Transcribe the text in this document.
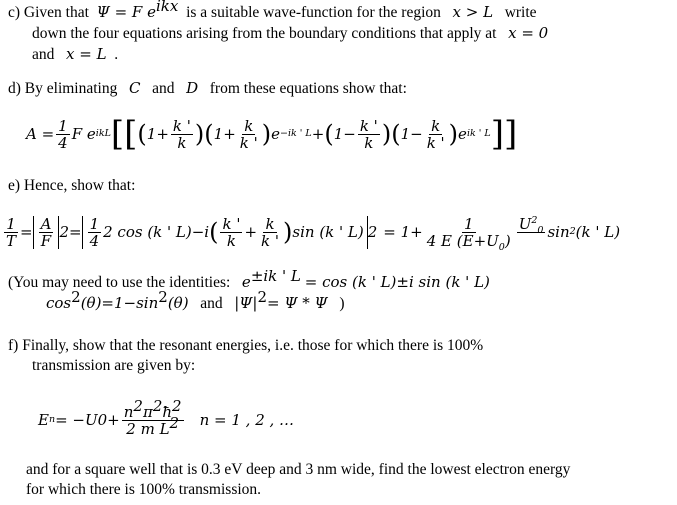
c) Given that Ψ = F $e^{ikx}$ is a suitable wave-function for the region x > L write
down the four equations arising from the boundary conditions that apply at x = 0
and x = L .
d) By eliminating C and D from these equations show that:
$A = \frac{1}{4}$ F e ikL [[ ( $1+ \frac{k '}{k}$ ) ( $1+ \frac{k}{k '}$ ) e −ik ' L + ( $1- \frac{k '}{k}$ ) ( $1- \frac{k}{k '}$ ) e ik ' L ]]
e) Hence, show that:
$\frac{1}{T} = \frac{A}{F} 2 = \frac{1}{4} 2$ cos (k ' L)−i ( $\frac{k '}{k} + \frac{k}{k '}$ ) sin (k ' L) $2 = 1+ \frac{1}{4 E (E+U_0)} U^2_0$
sin 2 (k ' L)
(You may need to use the identities: $e^{\pm ik ' L} = \cos (k$ ' L)±i sin (k ' L)
$\cos^2(\theta)=1-\sin^2(\theta)$ and $|\Psi|^2= \Psi * \Psi$ )
f) Finally, show that the resonant energies, i.e. those for which there is 100%
transmission are given by:
E n = −U $0 + \frac{n^2\pi^2ħ^2}{2 m L^2}$ n = 1 , 2 , …
and for a square well that is 0.3 eV deep and 3 nm wide, find the lowest electron energy
for which there is 100% transmission.
